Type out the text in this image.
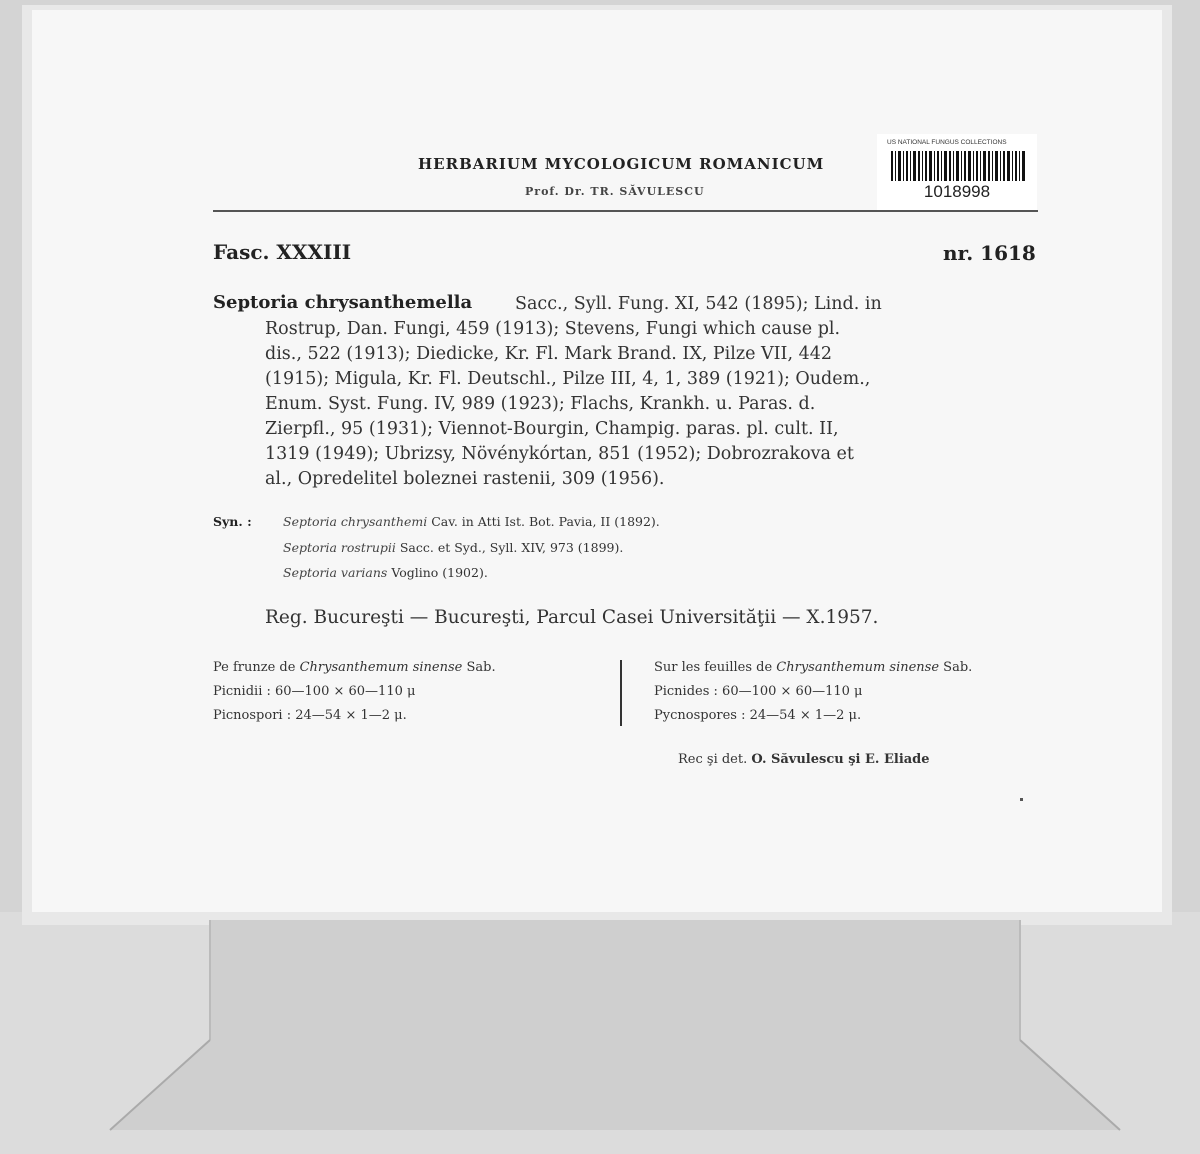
HERBARIUM MYCOLOGICUM ROMANICUM
Prof. Dr. TR. SĂVULESCU
US NATIONAL FUNGUS COLLECTIONS
1018998
Fasc. XXXIII	nr. 1618
Septoria chrysanthemella Sacc., Syll. Fung. XI, 542 (1895); Lind. in
Rostrup, Dan. Fungi, 459 (1913); Stevens, Fungi which cause pl.
dis., 522 (1913); Diedicke, Kr. Fl. Mark Brand. IX, Pilze VII, 442
(1915); Migula, Kr. Fl. Deutschl., Pilze III, 4, 1, 389 (1921); Oudem.,
Enum. Syst. Fung. IV, 989 (1923); Flachs, Krankh. u. Paras. d.
Zierpfl., 95 (1931); Viennot-Bourgin, Champig. paras. pl. cult. II,
1319 (1949); Ubrizsy, Növénykórtan, 851 (1952); Dobrozrakova et
al., Opredelitel boleznei rastenii, 309 (1956).
Syn. :	Septoria chrysanthemi Cav. in Atti Ist. Bot. Pavia, II (1892).
Septoria rostrupii Sacc. et Syd., Syll. XIV, 973 (1899).
Septoria varians Voglino (1902).
Reg. Bucureşti — Bucureşti, Parcul Casei Universităţii — X.1957.
Pe frunze de Chrysanthemum sinense Sab.
Picnidii : 60—100 × 60—110 μ
Picnospori : 24—54 × 1—2 μ.
Sur les feuilles de Chrysanthemum sinense Sab.
Picnides : 60—100 × 60—110 μ
Pycnospores : 24—54 × 1—2 μ.
Rec şi det. O. Săvulescu şi E. Eliade
